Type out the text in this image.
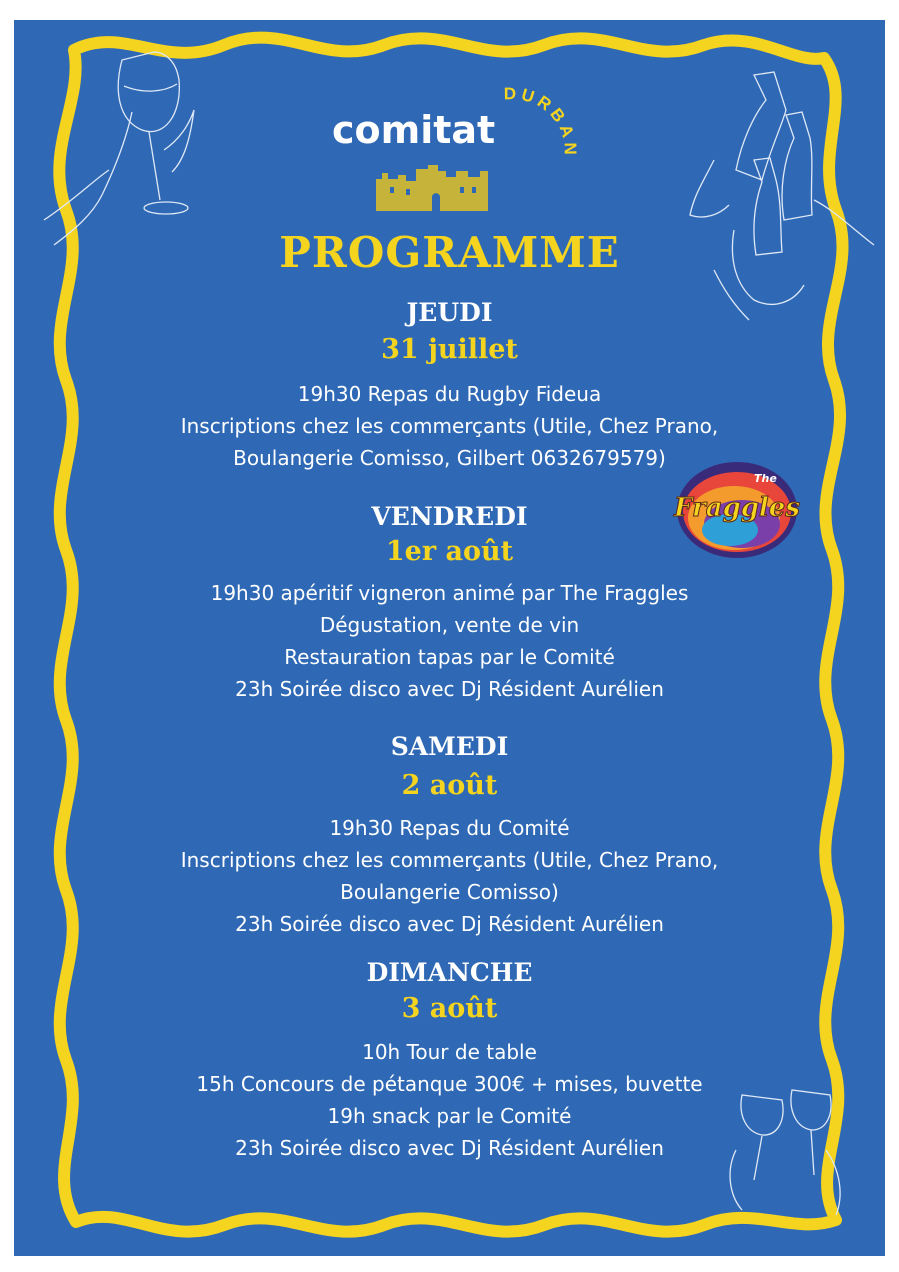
comitat
DURBAN
The
Fraggles
PROGRAMME
JEUDI
31 juillet
19h30 Repas du Rugby Fideua
Inscriptions chez les commerçants (Utile, Chez Prano,
Boulangerie Comisso, Gilbert 0632679579)
VENDREDI
1er août
19h30 apéritif vigneron animé par The Fraggles
Dégustation, vente de vin
Restauration tapas par le Comité
23h Soirée disco avec Dj Résident Aurélien
SAMEDI
2 août
19h30 Repas du Comité
Inscriptions chez les commerçants (Utile, Chez Prano,
Boulangerie Comisso)
23h Soirée disco avec Dj Résident Aurélien
DIMANCHE
3 août
10h Tour de table
15h Concours de pétanque 300€ + mises, buvette
19h snack par le Comité
23h Soirée disco avec Dj Résident Aurélien
